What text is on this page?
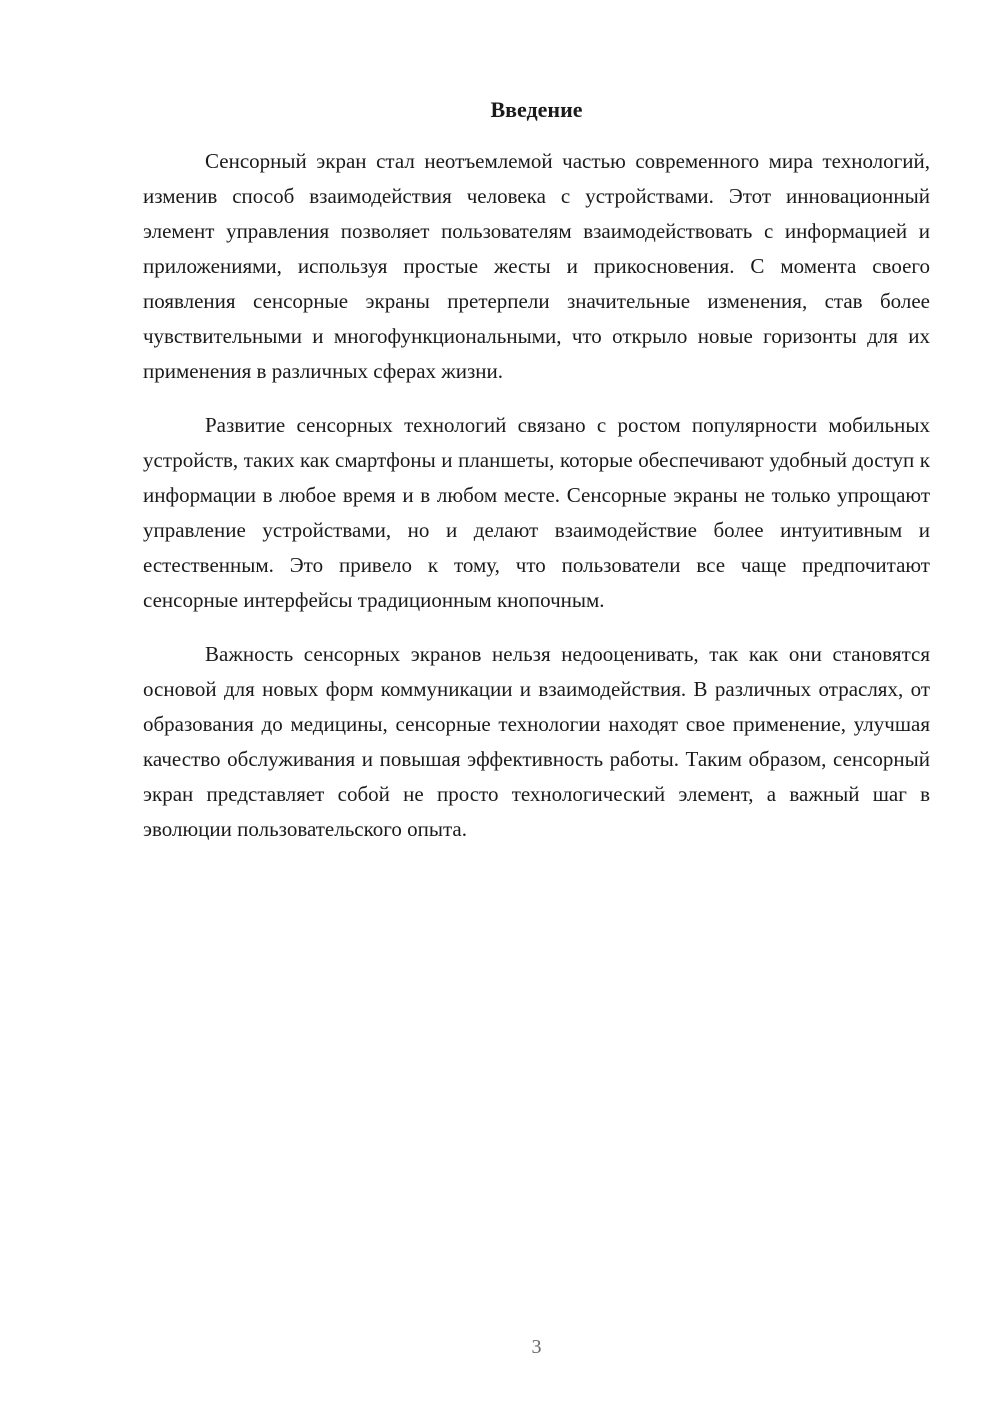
Введение

Сенсорный экран стал неотъемлемой частью современного мира технологий, изменив способ взаимодействия человека с устройствами. Этот инновационный элемент управления позволяет пользователям взаимодействовать с информацией и приложениями, используя простые жесты и прикосновения. С момента своего появления сенсорные экраны претерпели значительные изменения, став более чувствительными и многофункциональными, что открыло новые горизонты для их применения в различных сферах жизни.

Развитие сенсорных технологий связано с ростом популярности мобильных устройств, таких как смартфоны и планшеты, которые обеспечивают удобный доступ к информации в любое время и в любом месте. Сенсорные экраны не только упрощают управление устройствами, но и делают взаимодействие более интуитивным и естественным. Это привело к тому, что пользователи все чаще предпочитают сенсорные интерфейсы традиционным кнопочным.

Важность сенсорных экранов нельзя недооценивать, так как они становятся основой для новых форм коммуникации и взаимодействия. В различных отраслях, от образования до медицины, сенсорные технологии находят свое применение, улучшая качество обслуживания и повышая эффективность работы. Таким образом, сенсорный экран представляет собой не просто технологический элемент, а важный шаг в эволюции пользовательского опыта.

3
